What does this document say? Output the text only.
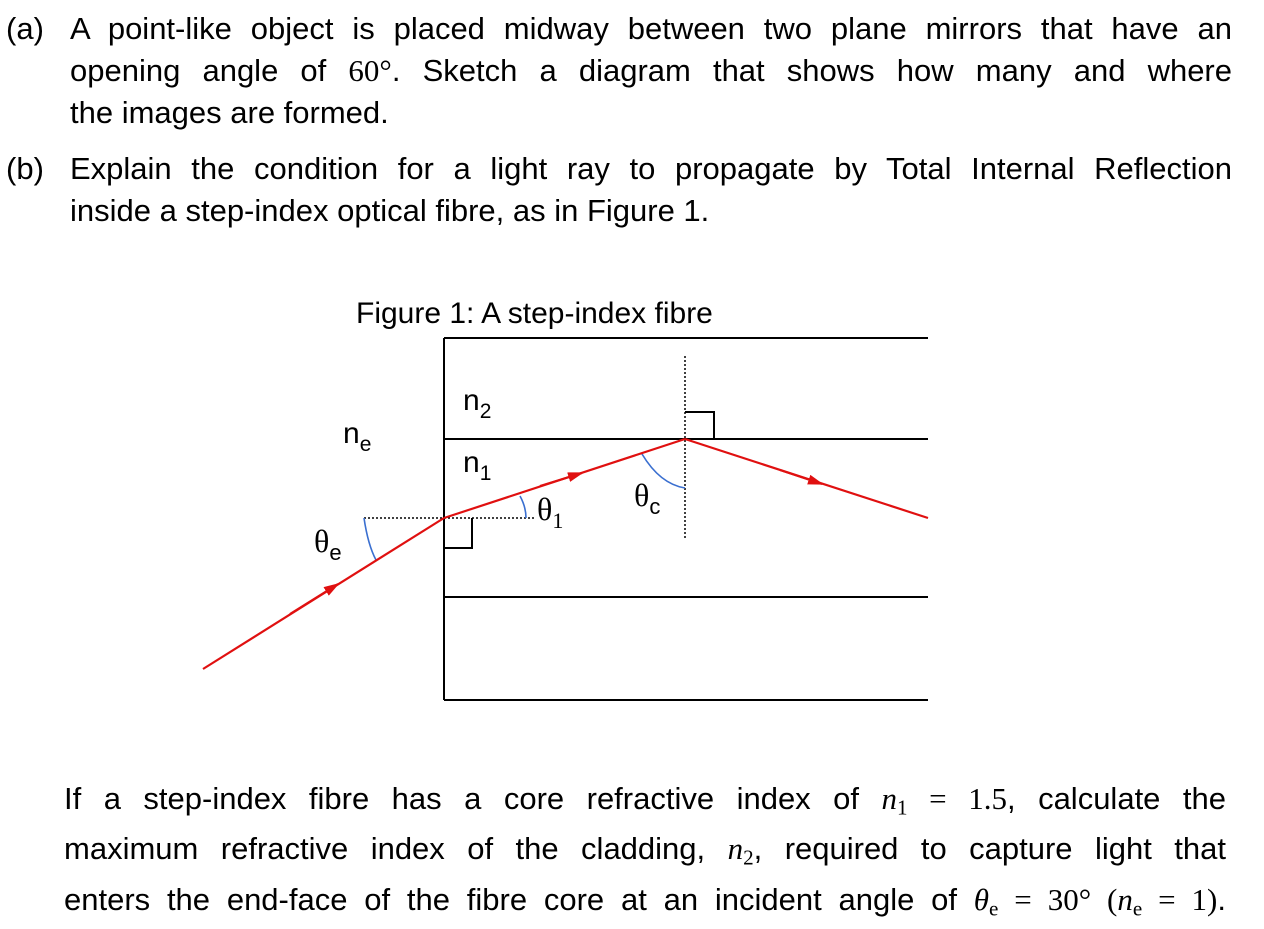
(a) A point-like object is placed midway between two plane mirrors that have an
opening angle of 60°. Sketch a diagram that shows how many and where
the images are formed.
(b) Explain the condition for a light ray to propagate by Total Internal Reflection
inside a step-index optical fibre, as in Figure 1.
Figure 1: A step-index fibre
$n_2$
$n_e$
$n_1$
$\theta_1$
$\theta_c$
$\theta_e$
If a step-index fibre has a core refractive index of $n_1 = 1.5$, calculate the
maximum refractive index of the cladding, $n_2$, required to capture light that
enters the end-face of the fibre core at an incident angle of $\theta_e = 30^\circ$ $(n_e = 1)$.
